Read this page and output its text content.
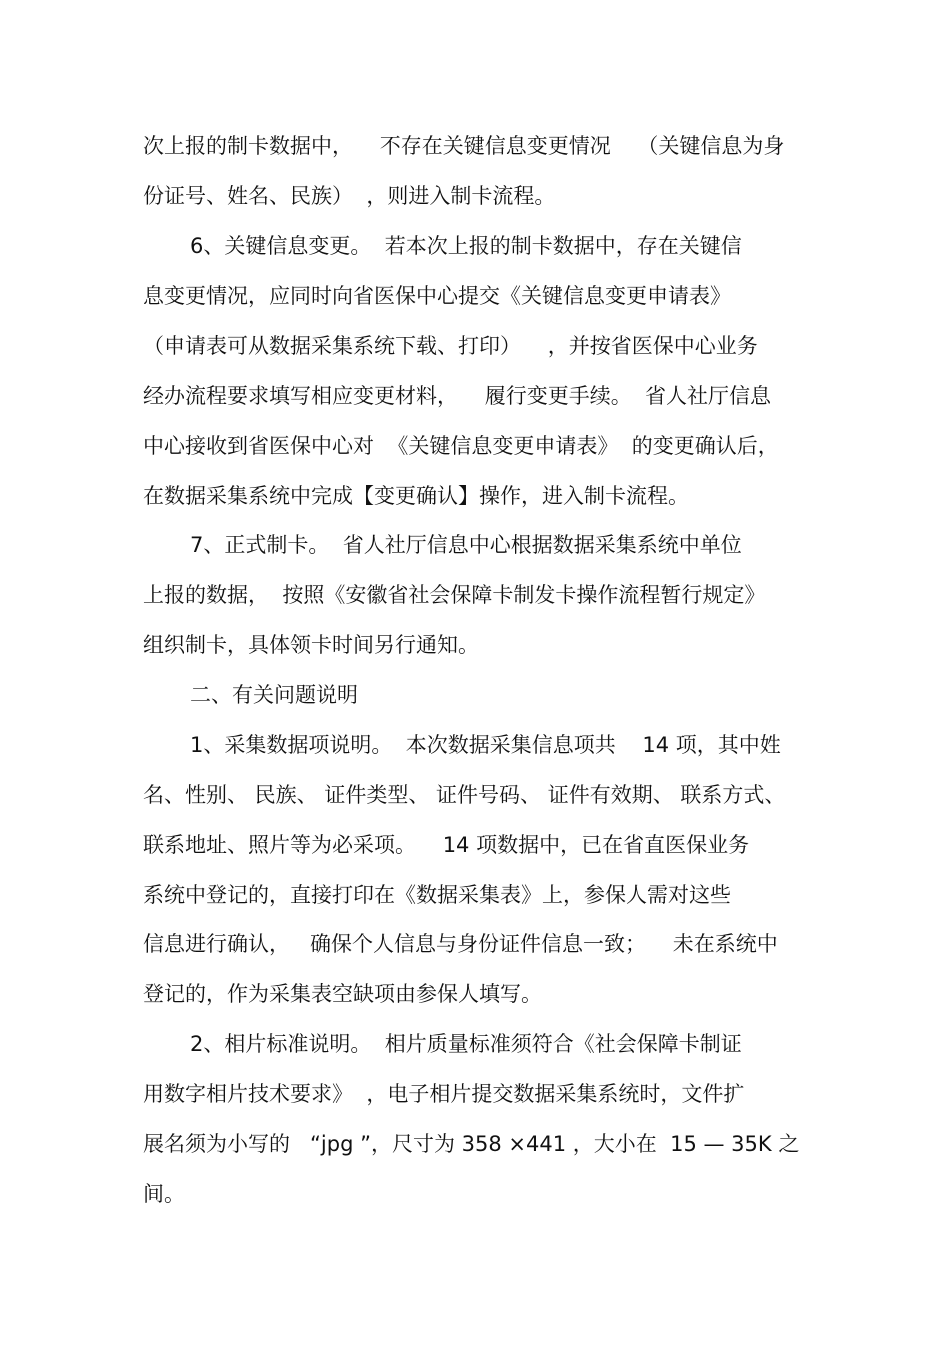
次上报的制卡数据中，    不存在关键信息变更情况    （关键信息为身
份证号、姓名、民族）  ，则进入制卡流程。
6、关键信息变更。  若本次上报的制卡数据中，存在关键信
息变更情况，应同时向省医保中心提交《关键信息变更申请表》
（申请表可从数据采集系统下载、打印）    ，并按省医保中心业务
经办流程要求填写相应变更材料，    履行变更手续。  省人社厅信息
中心接收到省医保中心对  《关键信息变更申请表》  的变更确认后，
在数据采集系统中完成【变更确认】操作，进入制卡流程。
7、正式制卡。  省人社厅信息中心根据数据采集系统中单位
上报的数据，  按照《安徽省社会保障卡制发卡操作流程暂行规定》
组织制卡，具体领卡时间另行通知。
二、有关问题说明
1、采集数据项说明。  本次数据采集信息项共    14 项，其中姓
名、性别、 民族、 证件类型、 证件号码、 证件有效期、 联系方式、
联系地址、照片等为必采项。    14 项数据中，已在省直医保业务
系统中登记的，直接打印在《数据采集表》上，参保人需对这些
信息进行确认，   确保个人信息与身份证件信息一致；    未在系统中
登记的，作为采集表空缺项由参保人填写。
2、相片标准说明。  相片质量标准须符合《社会保障卡制证
用数字相片技术要求》  ，电子相片提交数据采集系统时，文件扩
展名须为小写的   “jpg ”，尺寸为 358 ×441 ，大小在  15 — 35K 之
间。
